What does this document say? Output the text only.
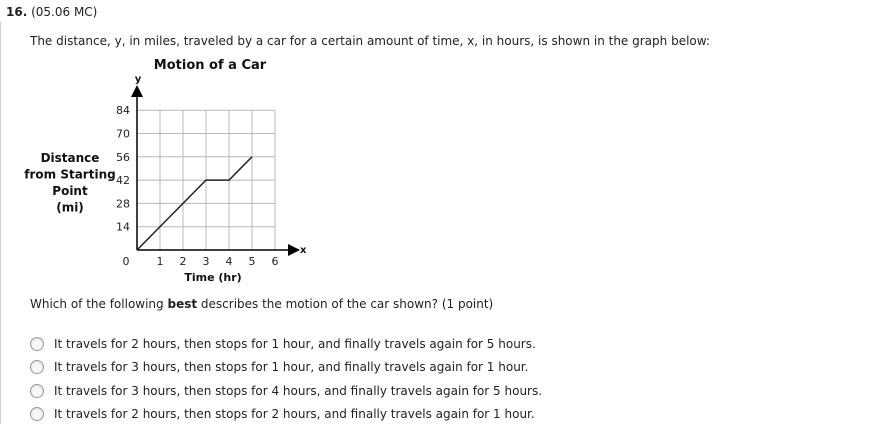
16. (05.06 MC)
The distance, y, in miles, traveled by a car for a certain amount of time, x, in hours, is shown in the graph below:
Motion of a Car
Distance
from Starting
Point
(mi)
14
28
42
56
70
84
0 1 2 3 4 5 6
Time (hr)
x
y
Which of the following best describes the motion of the car shown? (1 point)
It travels for 2 hours, then stops for 1 hour, and finally travels again for 5 hours.
It travels for 3 hours, then stops for 1 hour, and finally travels again for 1 hour.
It travels for 3 hours, then stops for 4 hours, and finally travels again for 5 hours.
It travels for 2 hours, then stops for 2 hours, and finally travels again for 1 hour.
